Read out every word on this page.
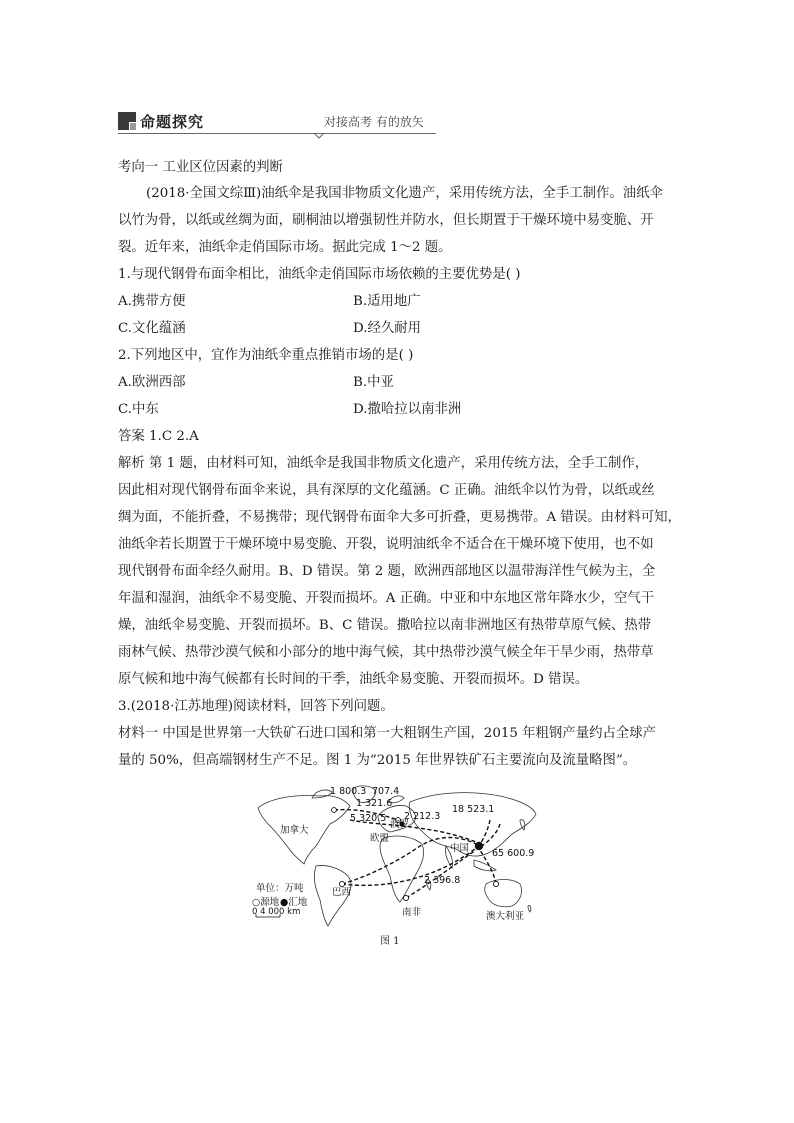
命题探究	对接高考 有的放矢
考向一 工业区位因素的判断
(2018·全国文综Ⅲ)油纸伞是我国非物质文化遗产，采用传统方法，全手工制作。油纸伞
以竹为骨，以纸或丝绸为面，刷桐油以增强韧性并防水，但长期置于干燥环境中易变脆、开
裂。近年来，油纸伞走俏国际市场。据此完成 1～2 题。
1.与现代钢骨布面伞相比，油纸伞走俏国际市场依赖的主要优势是( )
A.携带方便	B.适用地广
C.文化蕴涵	D.经久耐用
2.下列地区中，宜作为油纸伞重点推销市场的是( )
A.欧洲西部	B.中亚
C.中东	D.撒哈拉以南非洲
答案 1.C 2.A
解析 第 1 题，由材料可知，油纸伞是我国非物质文化遗产，采用传统方法，全手工制作，
因此相对现代钢骨布面伞来说，具有深厚的文化蕴涵。C 正确。油纸伞以竹为骨，以纸或丝
绸为面，不能折叠，不易携带；现代钢骨布面伞大多可折叠，更易携带。A 错误。由材料可知，
油纸伞若长期置于干燥环境中易变脆、开裂，说明油纸伞不适合在干燥环境下使用，也不如
现代钢骨布面伞经久耐用。B、D 错误。第 2 题，欧洲西部地区以温带海洋性气候为主，全
年温和湿润，油纸伞不易变脆、开裂而损坏。A 正确。中亚和中东地区常年降水少，空气干
燥，油纸伞易变脆、开裂而损坏。B、C 错误。撒哈拉以南非洲地区有热带草原气候、热带
雨林气候、热带沙漠气候和小部分的地中海气候，其中热带沙漠气候全年干旱少雨，热带草
原气候和地中海气候都有长时间的干季，油纸伞易变脆、开裂而损坏。D 错误。
3.(2018·江苏地理)阅读材料，回答下列问题。
材料一 中国是世界第一大铁矿石进口国和第一大粗钢生产国，2015 年粗钢产量约占全球产
量的 50%，但高端钢材生产不足。图 1 为“2015 年世界铁矿石主要流向及流量略图”。
1 800.3 707.4
1 321.6
5 320.5 2 212.3
18 523.1
65 600.9
2 396.8
加拿大
欧盟
波罗
中国
巴西
南非	澳大利亚
单位：万吨
○源地 ●汇地
0 4 000 km
图 1
